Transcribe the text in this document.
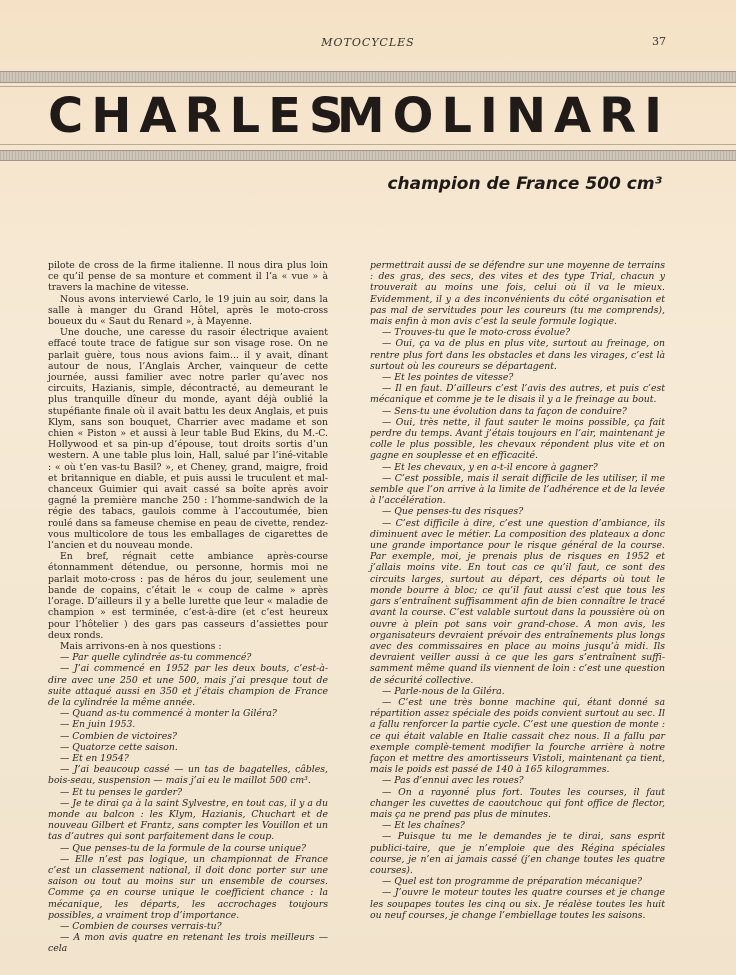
MOTOCYCLES	37
CHARLES
MOLINARI
champion de France 500 cm³

pilote de cross de la firme italienne. Il nous dira plus loin ce qu’il pense de sa monture et comment il l’a « vue » à travers la machine de vitesse.

Nous avons interviewé Carlo, le 19 juin au soir, dans la salle à manger du Grand Hôtel, après le moto-cross boueux du « Saut du Renard », à Mayenne.

Une douche, une caresse du rasoir électrique avaient effacé toute trace de fatigue sur son visage rose. On ne parlait guère, tous nous avions faim... il y avait, dînant autour de nous, l’Anglais Archer, vainqueur de cette journée, aussi familier avec notre parler qu’avec nos circuits, Hazianis, simple, décontracté, au demeurant le plus tranquille dîneur du monde, ayant déjà oublié la stupéfiante finale où il avait battu les deux Anglais, et puis Klym, sans son bouquet, Charrier avec madame et son chien « Piston » et aussi à leur table Bud Ekins, du M.-C. Hollywood et sa pin-up d’épouse, tout droits sortis d’un western. A une table plus loin, Hall, salué par l’iné-vitable : « où t’en vas-tu Basil? », et Cheney, grand, maigre, froid et britannique en diable, et puis aussi le truculent et mal-chanceux Guimier qui avait cassé sa boîte après avoir gagné la première manche 250 : l’homme-sandwich de la régie des tabacs, gaulois comme à l’accoutumée, bien roulé dans sa fameuse chemise en peau de civette, rendez-vous multicolore de tous les emballages de cigarettes de l’ancien et du nouveau monde.

En bref, régnait cette ambiance après-course étonnamment détendue, ou personne, hormis moi ne parlait moto-cross : pas de héros du jour, seulement une bande de copains, c’était le « coup de calme » après l’orage. D’ailleurs il y a belle lurette que leur « maladie de champion » est terminée, c’est-à-dire (et c’est heureux pour l’hôtelier ) des gars pas casseurs d’assiettes pour deux ronds.

Mais arrivons-en à nos questions :

— Par quelle cylindrée as-tu commencé?

— J’ai commencé en 1952 par les deux bouts, c’est-à-dire avec une 250 et une 500, mais j’ai presque tout de suite attaqué aussi en 350 et j’étais champion de France de la cylindrée la même année.

— Quand as-tu commencé à monter la Giléra?

— En juin 1953.

— Combien de victoires?

— Quatorze cette saison.

— Et en 1954?

— J’ai beaucoup cassé — un tas de bagatelles, câbles, bois-seau, suspension — mais j’ai eu le maillot 500 cm³.

— Et tu penses le garder?

— Je te dirai ça à la saint Sylvestre, en tout cas, il y a du monde au balcon : les Klym, Hazianis, Chuchart et de nouveau Gilbert et Frantz, sans compter les Vouillon et un tas d’autres qui sont parfaitement dans le coup.

— Que penses-tu de la formule de la course unique?

— Elle n’est pas logique, un championnat de France c’est un classement national, il doit donc porter sur une saison ou tout au moins sur un ensemble de courses. Comme ça en course unique le coefficient chance : la mécanique, les départs, les accrochages toujours possibles, a vraiment trop d’importance.

— Combien de courses verrais-tu?

— A mon avis quatre en retenant les trois meilleurs — cela

permettrait aussi de se défendre sur une moyenne de terrains : des gras, des secs, des vites et des type Trial, chacun y trouverait au moins une fois, celui où il va le mieux. Evidemment, il y a des inconvénients du côté organisation et pas mal de servitudes pour les coureurs (tu me comprends), mais enfin à mon avis c’est la seule formule logique.

— Trouves-tu que le moto-cross évolue?

— Oui, ça va de plus en plus vite, surtout au freinage, on rentre plus fort dans les obstacles et dans les virages, c’est là surtout où les coureurs se départagent.

— Et les pointes de vitesse?

— Il en faut. D’ailleurs c’est l’avis des autres, et puis c’est mécanique et comme je te le disais il y a le freinage au bout.

— Sens-tu une évolution dans ta façon de conduire?

— Oui, très nette, il faut sauter le moins possible, ça fait perdre du temps. Avant j’étais toujours en l’air, maintenant je colle le plus possible, les chevaux répondent plus vite et on gagne en souplesse et en efficacité.

— Et les chevaux, y en a-t-il encore à gagner?

— C’est possible, mais il serait difficile de les utiliser, il me semble que l’on arrive à la limite de l’adhérence et de la levée à l’accélération.

— Que penses-tu des risques?

— C’est difficile à dire, c’est une question d’ambiance, ils diminuent avec le métier. La composition des plateaux a donc une grande importance pour le risque général de la course. Par exemple, moi, je prenais plus de risques en 1952 et j’allais moins vite. En tout cas ce qu’il faut, ce sont des circuits larges, surtout au départ, ces départs où tout le monde bourre à bloc; ce qu’il faut aussi c’est que tous les gars s’entraînent suffisamment afin de bien connaître le tracé avant la course. C’est valable surtout dans la poussière où on ouvre à plein pot sans voir grand-chose. A mon avis, les organisateurs devraient prévoir des entraînements plus longs avec des commissaires en place au moins jusqu’à midi. Ils devraient veiller aussi à ce que les gars s’entraînent suffi-samment même quand ils viennent de loin : c’est une question de sécurité collective.

— Parle-nous de la Giléra.

— C’est une très bonne machine qui, étant donné sa répartition assez spéciale des poids convient surtout au sec. Il a fallu renforcer la partie cycle. C’est une question de monte : ce qui était valable en Italie cassait chez nous. Il a fallu par exemple complè-tement modifier la fourche arrière à notre façon et mettre des amortisseurs Vistoli, maintenant ça tient, mais le poids est passé de 140 à 165 kilogrammes.

— Pas d’ennui avec les roues?

— On a rayonné plus fort. Toutes les courses, il faut changer les cuvettes de caoutchouc qui font office de flector, mais ça ne prend pas plus de minutes.

— Et les chaînes?

— Puisque tu me le demandes je te dirai, sans esprit publici-taire, que je n’emploie que des Régina spéciales course, je n’en ai jamais cassé (j’en change toutes les quatre courses).

— Quel est ton programme de préparation mécanique?

— J’ouvre le moteur toutes les quatre courses et je change les soupapes toutes les cinq ou six. Je réalèse toutes les huit ou neuf courses, je change l’embiellage toutes les saisons.
